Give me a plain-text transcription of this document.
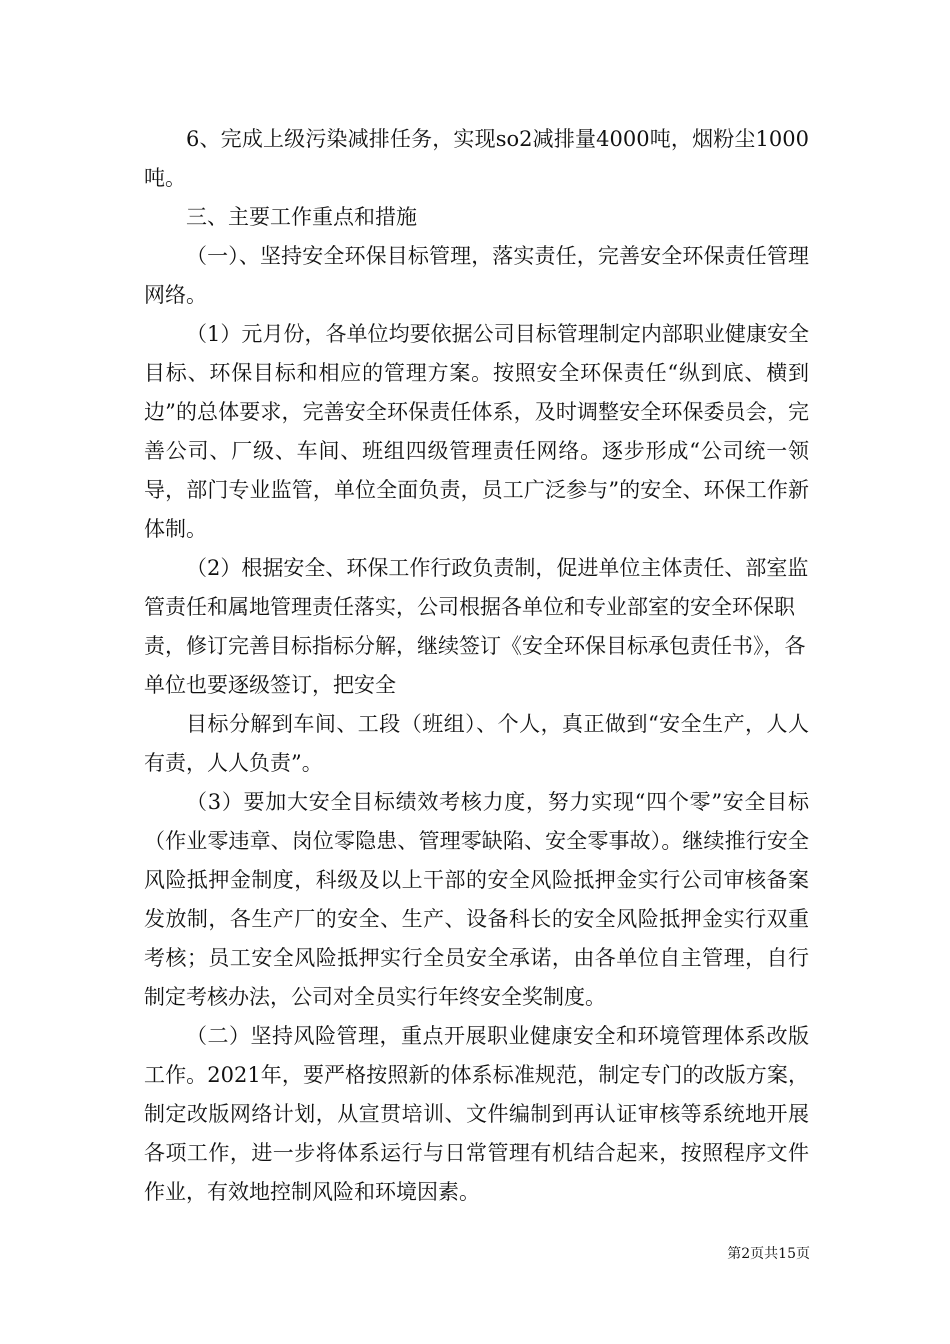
6、完成上级污染减排任务，实现so2减排量4000吨，烟粉尘1000吨。

三、主要工作重点和措施

（一）、坚持安全环保目标管理，落实责任，完善安全环保责任管理网络。

（1）元月份，各单位均要依据公司目标管理制定内部职业健康安全目标、环保目标和相应的管理方案。按照安全环保责任“纵到底、横到边”的总体要求，完善安全环保责任体系，及时调整安全环保委员会，完善公司、厂级、车间、班组四级管理责任网络。逐步形成“公司统一领导，部门专业监管，单位全面负责，员工广泛参与”的安全、环保工作新体制。

（2）根据安全、环保工作行政负责制，促进单位主体责任、部室监管责任和属地管理责任落实，公司根据各单位和专业部室的安全环保职责，修订完善目标指标分解，继续签订《安全环保目标承包责任书》，各单位也要逐级签订，把安全

目标分解到车间、工段（班组）、个人，真正做到“安全生产，人人有责，人人负责”。

（3）要加大安全目标绩效考核力度，努力实现“四个零”安全目标（作业零违章、岗位零隐患、管理零缺陷、安全零事故）。继续推行安全风险抵押金制度，科级及以上干部的安全风险抵押金实行公司审核备案发放制，各生产厂的安全、生产、设备科长的安全风险抵押金实行双重考核；员工安全风险抵押实行全员安全承诺，由各单位自主管理，自行制定考核办法，公司对全员实行年终安全奖制度。

（二）坚持风险管理，重点开展职业健康安全和环境管理体系改版工作。2021年，要严格按照新的体系标准规范，制定专门的改版方案，制定改版网络计划，从宣贯培训、文件编制到再认证审核等系统地开展各项工作，进一步将体系运行与日常管理有机结合起来，按照程序文件作业，有效地控制风险和环境因素。

第2页共15页
